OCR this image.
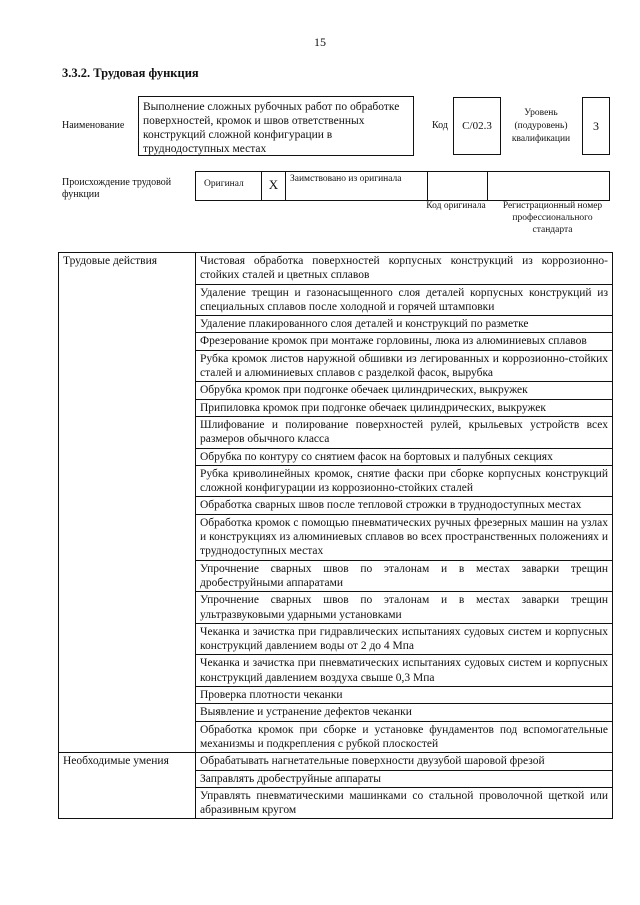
15
3.3.2. Трудовая функция
Наименование
Выполнение сложных рубочных работ по обработке поверхностей, кромок и швов ответственных конструкций сложной конфигурации в труднодоступных местах
Код	C/02.3
Уровень (подуровень) квалификации
3
Происхождение трудовой функции
Оригинал	X	Заимствовано из оригинала
Код оригинала	Регистрационный номер профессионального стандарта
Трудовые действия	Чистовая обработка поверхностей корпусных конструкций из коррозионно-стойких сталей и цветных сплавов
	Удаление трещин и газонасыщенного слоя деталей корпусных конструкций из специальных сплавов после холодной и горячей штамповки
	Удаление плакированного слоя деталей и конструкций по разметке
	Фрезерование кромок при монтаже горловины, люка из алюминиевых сплавов
	Рубка кромок листов наружной обшивки из легированных и коррозионно-стойких сталей и алюминиевых сплавов с разделкой фасок, вырубка
	Обрубка кромок при подгонке обечаек цилиндрических, выкружек
	Припиловка кромок при подгонке обечаек цилиндрических, выкружек
	Шлифование и полирование поверхностей рулей, крыльевых устройств всех размеров обычного класса
	Обрубка по контуру со снятием фасок на бортовых и палубных секциях
	Рубка криволинейных кромок, снятие фаски при сборке корпусных конструкций сложной конфигурации из коррозионно-стойких сталей
	Обработка сварных швов после тепловой строжки в труднодоступных местах
	Обработка кромок с помощью пневматических ручных фрезерных машин на узлах и конструкциях из алюминиевых сплавов во всех пространственных положениях и труднодоступных местах
	Упрочнение сварных швов по эталонам и в местах заварки трещин дробеструйными аппаратами
	Упрочнение сварных швов по эталонам и в местах заварки трещин ультразвуковыми ударными установками
	Чеканка и зачистка при гидравлических испытаниях судовых систем и корпусных конструкций давлением воды от 2 до 4 Мпа
	Чеканка и зачистка при пневматических испытаниях судовых систем и корпусных конструкций давлением воздуха свыше 0,3 Мпа
	Проверка плотности чеканки
	Выявление и устранение дефектов чеканки
	Обработка кромок при сборке и установке фундаментов под вспомогательные механизмы и подкрепления с рубкой плоскостей
Необходимые умения	Обрабатывать нагнетательные поверхности двузубой шаровой фрезой
	Заправлять дробеструйные аппараты
	Управлять пневматическими машинками со стальной проволочной щеткой или абразивным кругом
